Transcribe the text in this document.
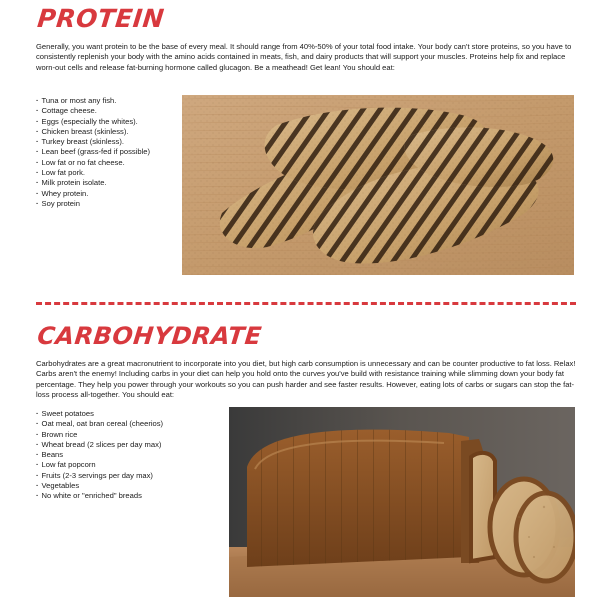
PROTEIN

Generally, you want protein to be the base of every meal. It should range from 40%-50% of your total food intake. Your body can't store proteins, so you have to consistently replenish your body with the amino acids contained in meats, fish, and dairy products that will support your muscles. Proteins help fix and replace worn-out cells and release fat-burning hormone called glucagon. Be a meathead! Get lean! You should eat:

· Tuna or most any fish.
· Cottage cheese.
· Eggs (especially the whites).
· Chicken breast (skinless).
· Turkey breast (skinless).
· Lean beef (grass-fed if possible)
· Low fat or no fat cheese.
· Low fat pork.
· Milk protein isolate.
· Whey protein.
· Soy protein
CARBOHYDRATE

Carbohydrates are a great macronutrient to incorporate into you diet, but high carb consumption is unnecessary and can be counter productive to fat loss. Relax! Carbs aren't the enemy! Including carbs in your diet can help you hold onto the curves you've build with resistance training while slimming down your body fat percentage. They help you power through your workouts so you can push harder and see faster results. However, eating lots of carbs or sugars can stop the fat-loss process all-together. You should eat:

· Sweet potatoes
· Oat meal, oat bran cereal (cheerios)
· Brown rice
· Wheat bread (2 slices per day max)
· Beans
· Low fat popcorn
· Fruits (2-3 servings per day max)
· Vegetables
· No white or "enriched" breads
